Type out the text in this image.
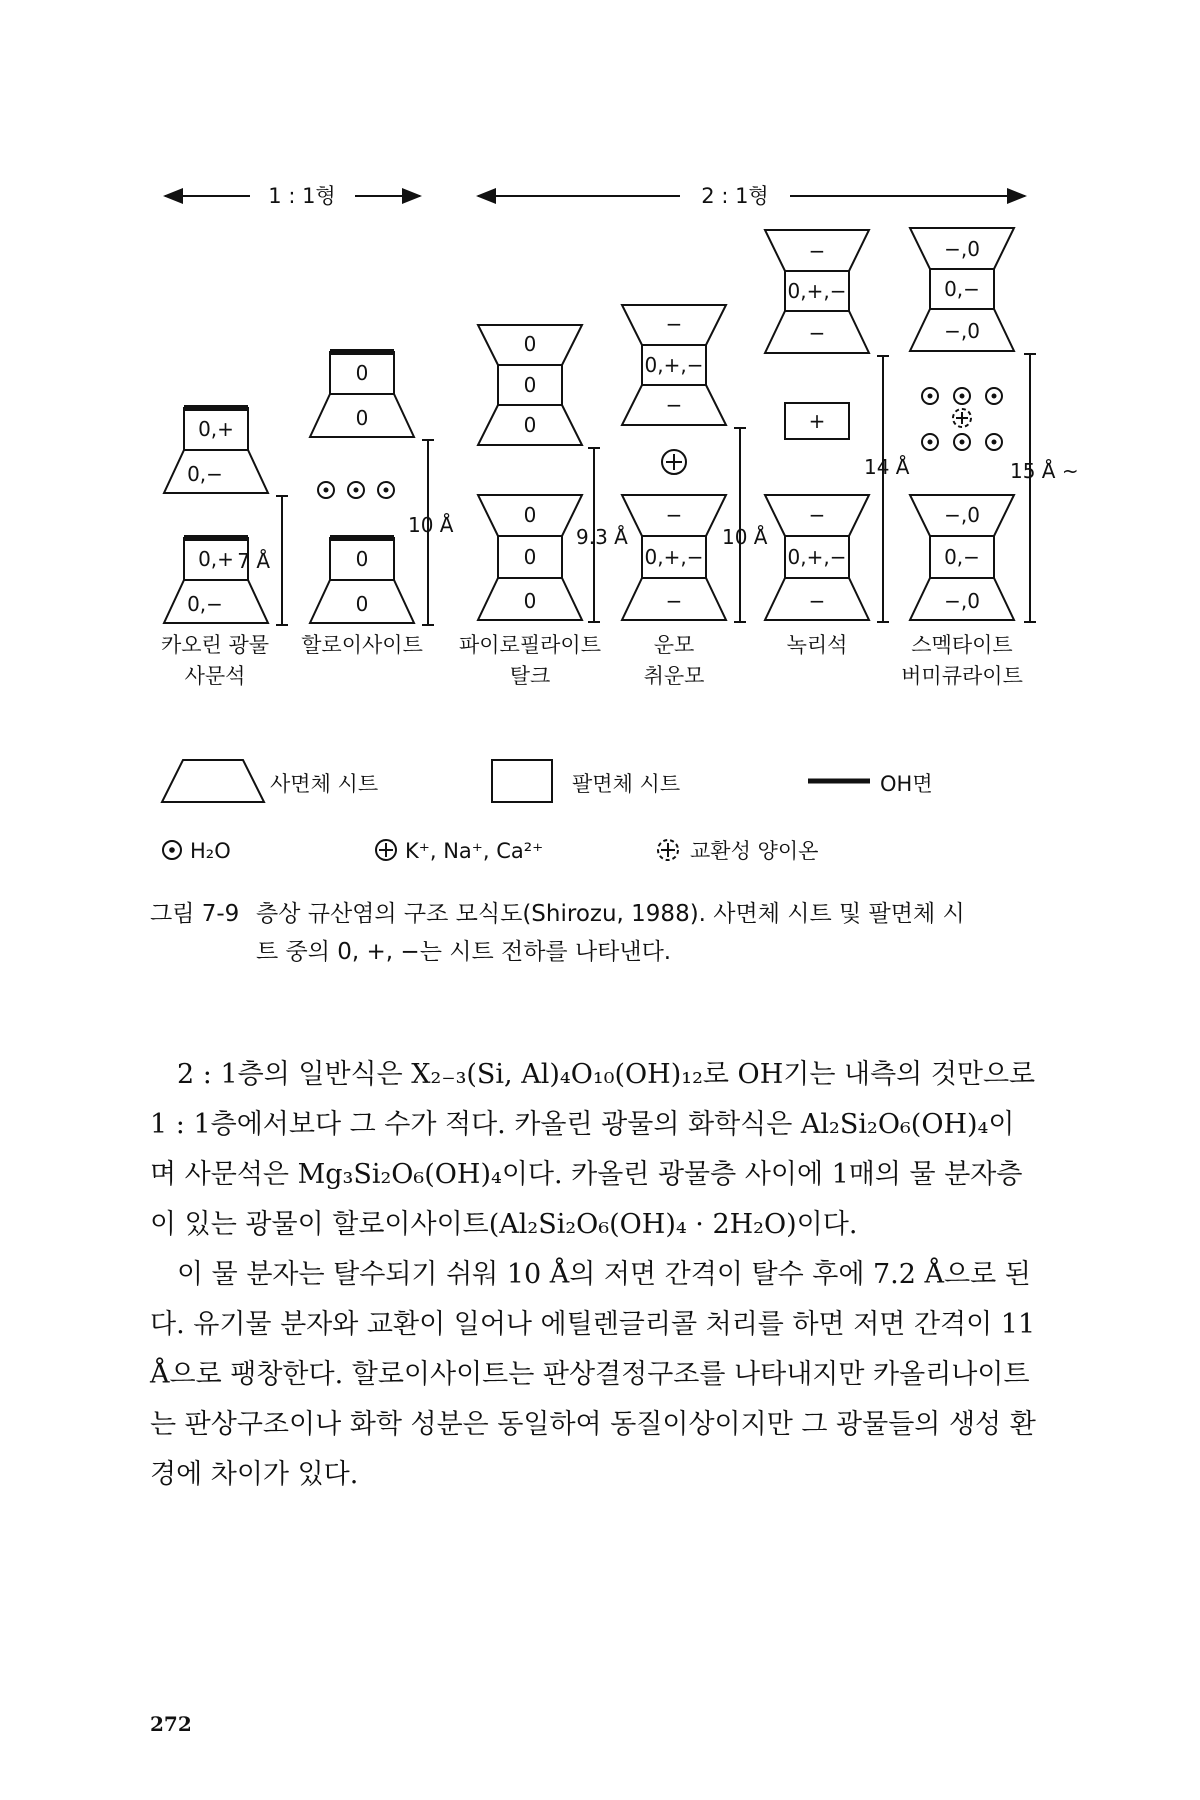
1 : 1형	2 : 1형
0,+
0,−
0,+
0,−
7 Å
0
0
0
0
10 Å
0
0
0
0
0
0
9.3 Å
−
0,+,−
−
−
0,+,−
−
10 Å
−
0,+,−
−
+
−
0,+,−
−
14 Å
−,0
0,−
−,0
−,0
0,−
−,0
15 Å ~
카오린 광물
사문석
할로이사이트 파이로필라이트
탈크
운모
취운모
녹리석	스멕타이트
버미큐라이트
사면체 시트	팔면체 시트	OH면
H₂O	K⁺, Na⁺, Ca²⁺	교환성 양이온
그림 7-9 층상 규산염의 구조 모식도(Shirozu, 1988). 사면체 시트 및 팔면체 시
트 중의 0, +, −는 시트 전하를 나타낸다.

2 : 1층의 일반식은 X₂₋₃(Si, Al)₄O₁₀(OH)₁₂로 OH기는 내측의 것만으로 1 : 1층에서보다 그 수가 적다. 카올린 광물의 화학식은 Al₂Si₂O₆(OH)₄이며 사문석은 Mg₃Si₂O₆(OH)₄이다. 카올린 광물층 사이에 1매의 물 분자층이 있는 광물이 할로이사이트(Al₂Si₂O₆(OH)₄ · 2H₂O)이다.

이 물 분자는 탈수되기 쉬워 10 Å의 저면 간격이 탈수 후에 7.2 Å으로 된다. 유기물 분자와 교환이 일어나 에틸렌글리콜 처리를 하면 저면 간격이 11 Å으로 팽창한다. 할로이사이트는 판상결정구조를 나타내지만 카올리나이트는 판상구조이나 화학 성분은 동일하여 동질이상이지만 그 광물들의 생성 환경에 차이가 있다.

272
